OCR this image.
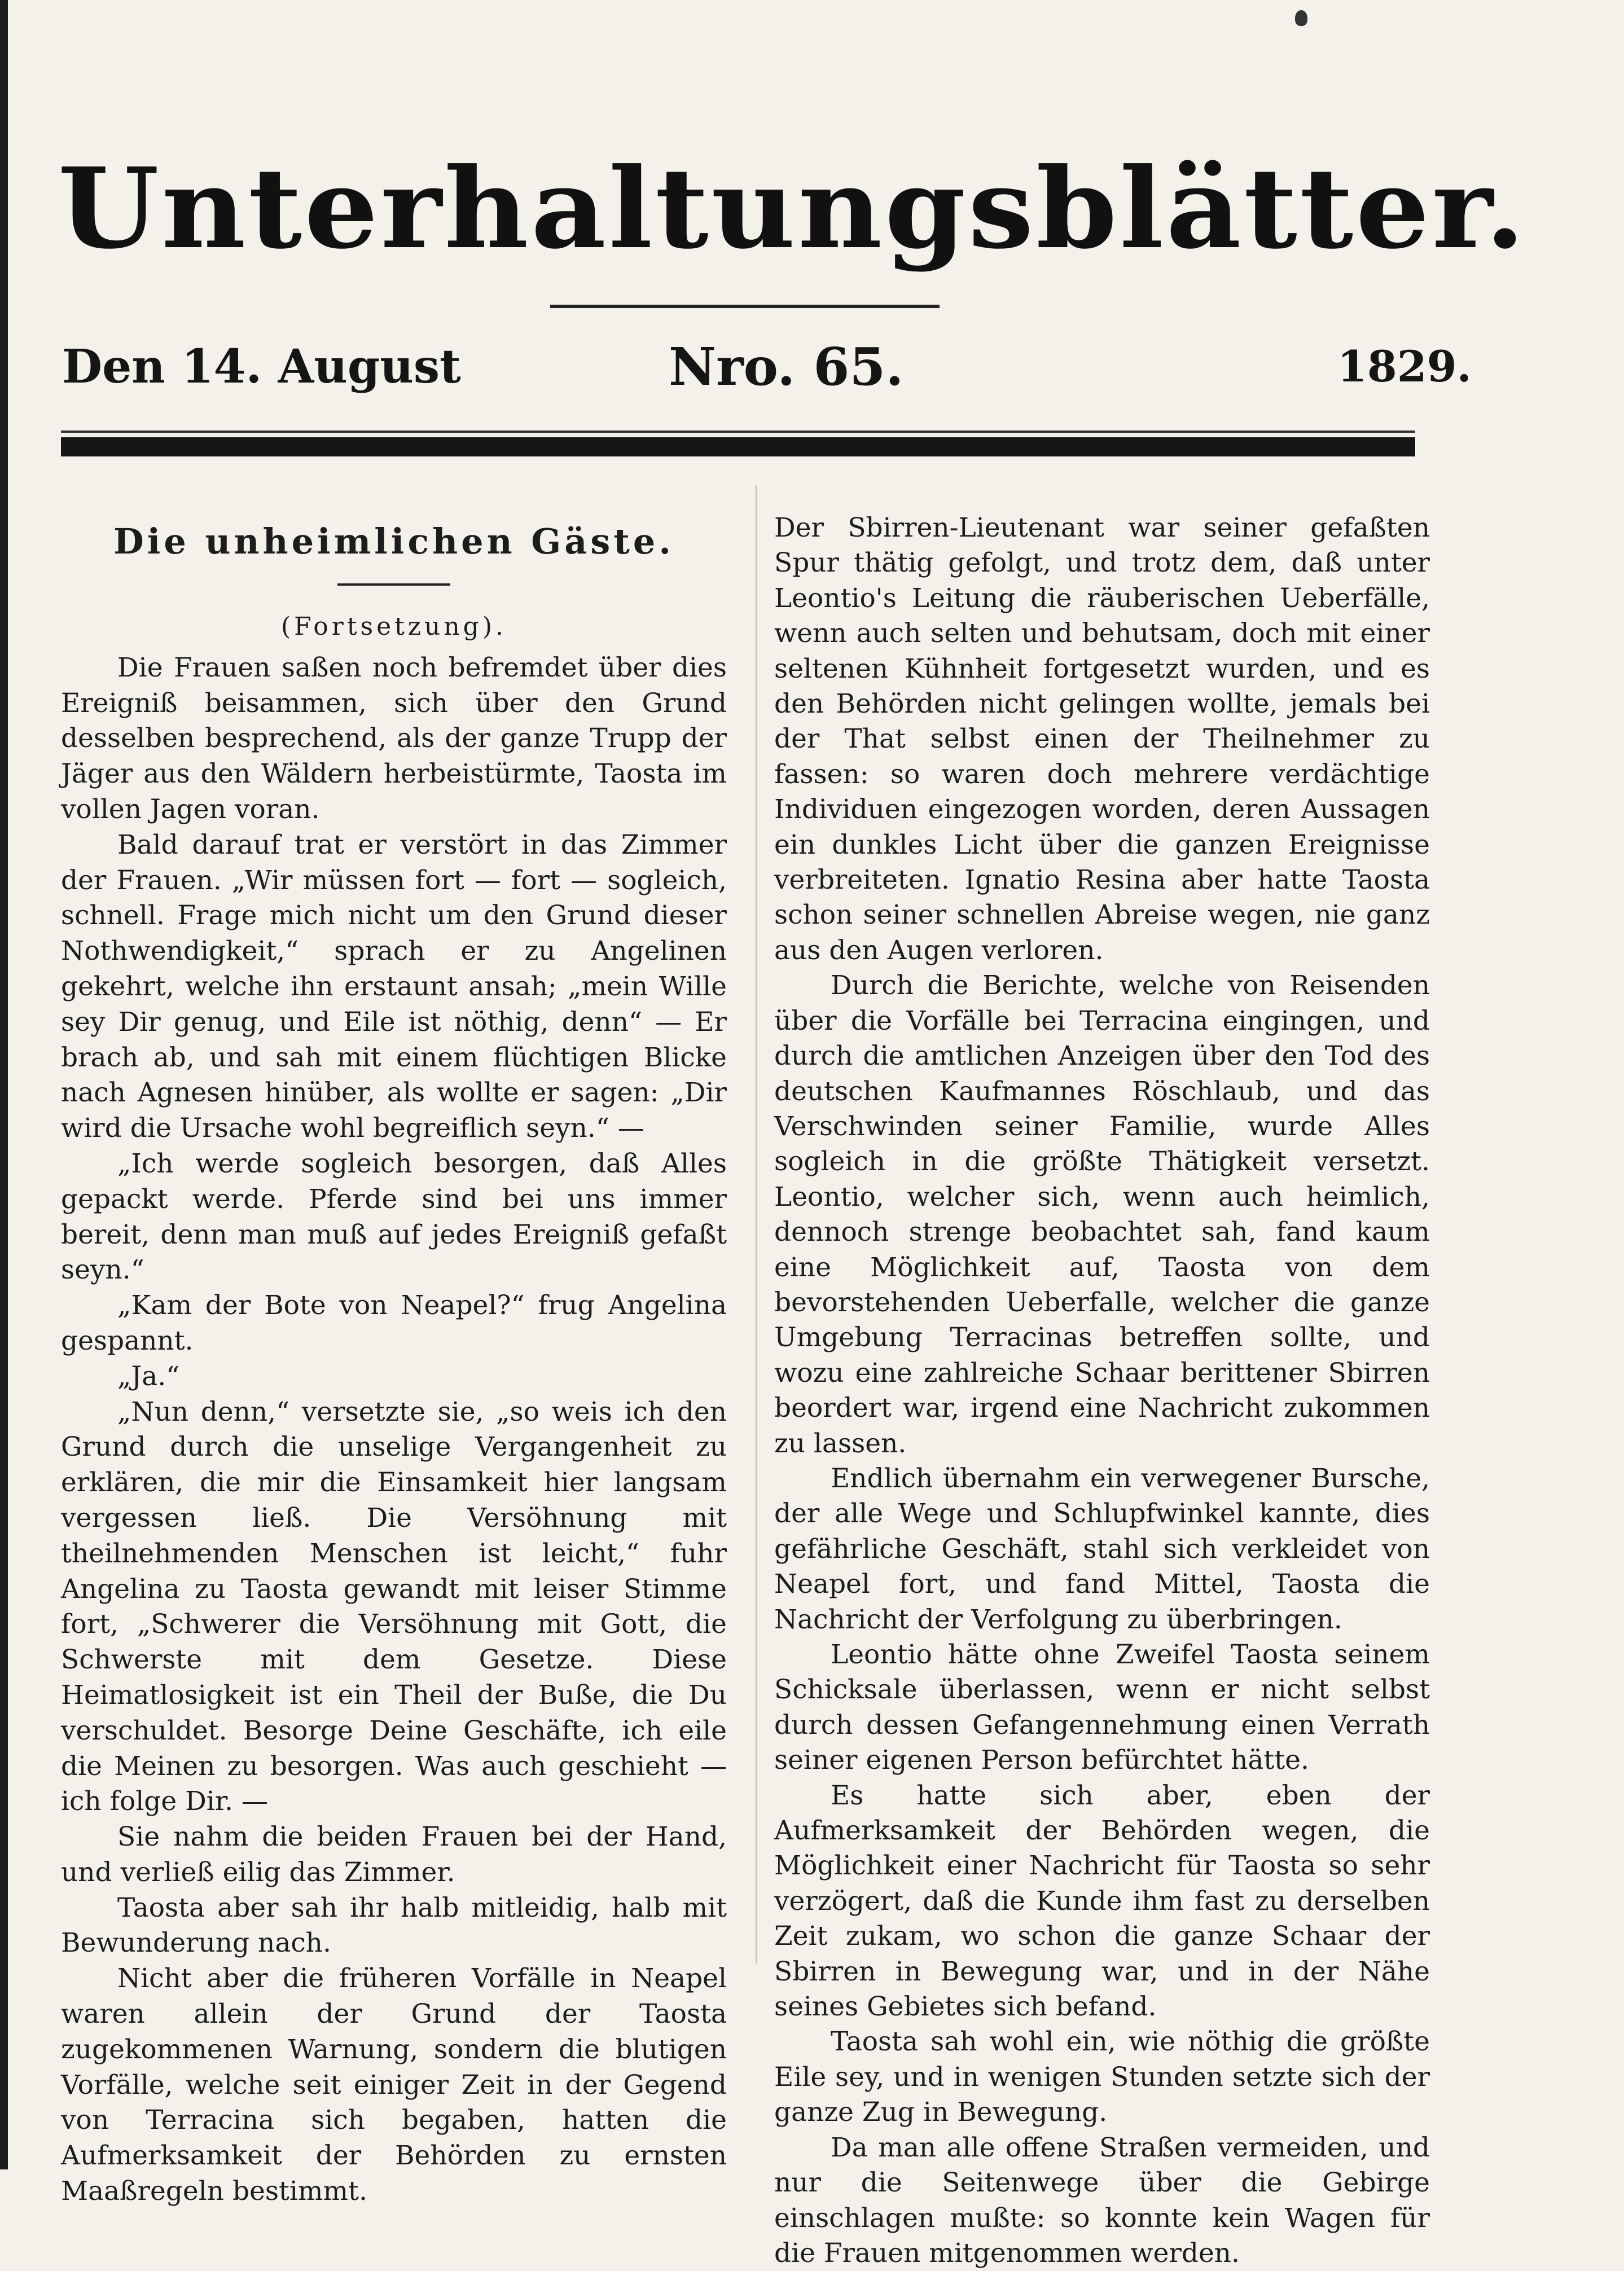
Unterhaltungsblätter.
Den 14. August	Nro. 65.	1829.
Die unheimlichen Gäste.
(Fortsetzung).

Die Frauen saßen noch befremdet über dies Ereigniß beisammen, sich über den Grund desselben besprechend, als der ganze Trupp der Jäger aus den Wäldern herbeistürmte, Taosta im vollen Jagen voran.

Bald darauf trat er verstört in das Zimmer der Frauen. „Wir müssen fort — fort — sogleich, schnell. Frage mich nicht um den Grund dieser Nothwendigkeit,“ sprach er zu Angelinen gekehrt, welche ihn erstaunt ansah; „mein Wille sey Dir genug, und Eile ist nöthig, denn“ — Er brach ab, und sah mit einem flüchtigen Blicke nach Agnesen hinüber, als wollte er sagen: „Dir wird die Ursache wohl begreiflich seyn.“ —

„Ich werde sogleich besorgen, daß Alles gepackt werde. Pferde sind bei uns immer bereit, denn man muß auf jedes Ereigniß gefaßt seyn.“

„Kam der Bote von Neapel?“ frug Angelina gespannt.

„Ja.“

„Nun denn,“ versetzte sie, „so weis ich den Grund durch die unselige Vergangenheit zu erklären, die mir die Einsamkeit hier langsam vergessen ließ. Die Versöhnung mit theilnehmenden Menschen ist leicht,“ fuhr Angelina zu Taosta gewandt mit leiser Stimme fort, „Schwerer die Versöhnung mit Gott, die Schwerste mit dem Gesetze. Diese Heimatlosigkeit ist ein Theil der Buße, die Du verschuldet. Besorge Deine Geschäfte, ich eile die Meinen zu besorgen. Was auch geschieht — ich folge Dir. —

Sie nahm die beiden Frauen bei der Hand, und verließ eilig das Zimmer.

Taosta aber sah ihr halb mitleidig, halb mit Bewunderung nach.

Nicht aber die früheren Vorfälle in Neapel waren allein der Grund der Taosta zugekommenen Warnung, sondern die blutigen Vorfälle, welche seit einiger Zeit in der Gegend von Terracina sich begaben, hatten die Aufmerksamkeit der Behörden zu ernsten Maaßregeln bestimmt.

Der Sbirren-Lieutenant war seiner gefaßten Spur thätig gefolgt, und trotz dem, daß unter Leontio's Leitung die räuberischen Ueberfälle, wenn auch selten und behutsam, doch mit einer seltenen Kühnheit fortgesetzt wurden, und es den Behörden nicht gelingen wollte, jemals bei der That selbst einen der Theilnehmer zu fassen: so waren doch mehrere verdächtige Individuen eingezogen worden, deren Aussagen ein dunkles Licht über die ganzen Ereignisse verbreiteten. Ignatio Resina aber hatte Taosta schon seiner schnellen Abreise wegen, nie ganz aus den Augen verloren.

Durch die Berichte, welche von Reisenden über die Vorfälle bei Terracina eingingen, und durch die amtlichen Anzeigen über den Tod des deutschen Kaufmannes Röschlaub, und das Verschwinden seiner Familie, wurde Alles sogleich in die größte Thätigkeit versetzt. Leontio, welcher sich, wenn auch heimlich, dennoch strenge beobachtet sah, fand kaum eine Möglichkeit auf, Taosta von dem bevorstehenden Ueberfalle, welcher die ganze Umgebung Terracinas betreffen sollte, und wozu eine zahlreiche Schaar berittener Sbirren beordert war, irgend eine Nachricht zukommen zu lassen.

Endlich übernahm ein verwegener Bursche, der alle Wege und Schlupfwinkel kannte, dies gefährliche Geschäft, stahl sich verkleidet von Neapel fort, und fand Mittel, Taosta die Nachricht der Verfolgung zu überbringen.

Leontio hätte ohne Zweifel Taosta seinem Schicksale überlassen, wenn er nicht selbst durch dessen Gefangennehmung einen Verrath seiner eigenen Person befürchtet hätte.

Es hatte sich aber, eben der Aufmerksamkeit der Behörden wegen, die Möglichkeit einer Nachricht für Taosta so sehr verzögert, daß die Kunde ihm fast zu derselben Zeit zukam, wo schon die ganze Schaar der Sbirren in Bewegung war, und in der Nähe seines Gebietes sich befand.

Taosta sah wohl ein, wie nöthig die größte Eile sey, und in wenigen Stunden setzte sich der ganze Zug in Bewegung.

Da man alle offene Straßen vermeiden, und nur die Seitenwege über die Gebirge einschlagen mußte: so konnte kein Wagen für die Frauen mitgenommen werden.
